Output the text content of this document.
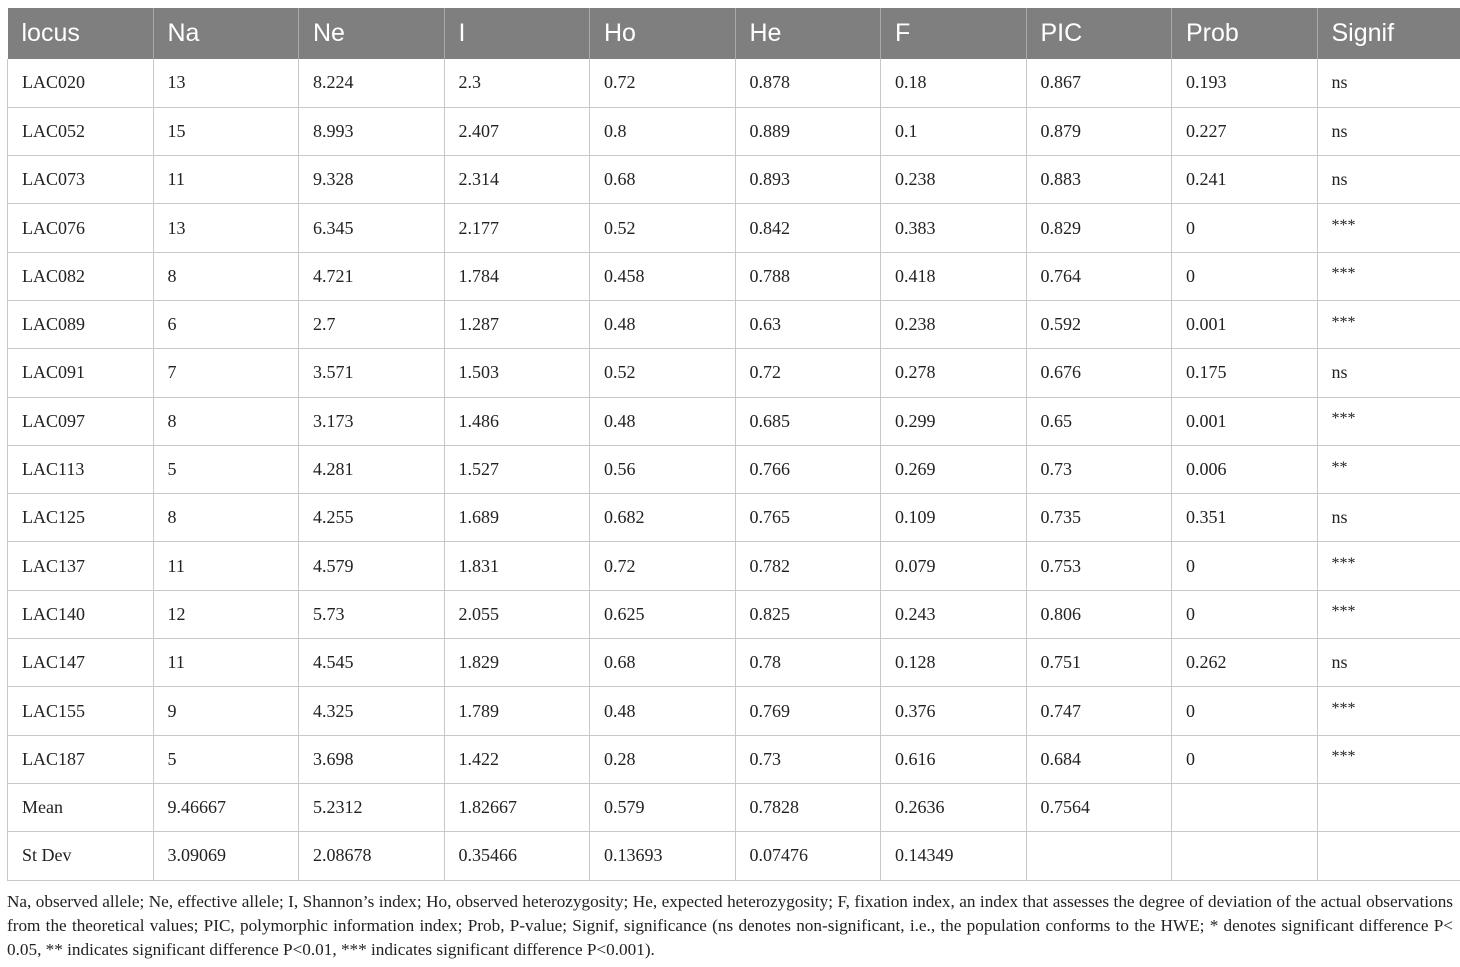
locus	Na	Ne	I	Ho	He	F	PIC	Prob	Signif
LAC020	13	8.224	2.3	0.72	0.878	0.18	0.867	0.193	ns
LAC052	15	8.993	2.407	0.8	0.889	0.1	0.879	0.227	ns
LAC073	11	9.328	2.314	0.68	0.893	0.238	0.883	0.241	ns
LAC076	13	6.345	2.177	0.52	0.842	0.383	0.829	0	***
LAC082	8	4.721	1.784	0.458	0.788	0.418	0.764	0	***
LAC089	6	2.7	1.287	0.48	0.63	0.238	0.592	0.001	***
LAC091	7	3.571	1.503	0.52	0.72	0.278	0.676	0.175	ns
LAC097	8	3.173	1.486	0.48	0.685	0.299	0.65	0.001	***
LAC113	5	4.281	1.527	0.56	0.766	0.269	0.73	0.006	**
LAC125	8	4.255	1.689	0.682	0.765	0.109	0.735	0.351	ns
LAC137	11	4.579	1.831	0.72	0.782	0.079	0.753	0	***
LAC140	12	5.73	2.055	0.625	0.825	0.243	0.806	0	***
LAC147	11	4.545	1.829	0.68	0.78	0.128	0.751	0.262	ns
LAC155	9	4.325	1.789	0.48	0.769	0.376	0.747	0	***
LAC187	5	3.698	1.422	0.28	0.73	0.616	0.684	0	***
Mean	9.46667	5.2312	1.82667	0.579	0.7828	0.2636	0.7564		
St Dev	3.09069	2.08678	0.35466	0.13693	0.07476	0.14349			

Na, observed allele; Ne, effective allele; I, Shannon’s index; Ho, observed heterozygosity; He, expected heterozygosity; F, fixation index, an index that assesses the degree of deviation of the actual observations from the theoretical values; PIC, polymorphic information index; Prob, P-value; Signif, significance (ns denotes non-significant, i.e., the population conforms to the HWE; * denotes significant difference P< 0.05, ** indicates significant difference P<0.01, *** indicates significant difference P<0.001).
